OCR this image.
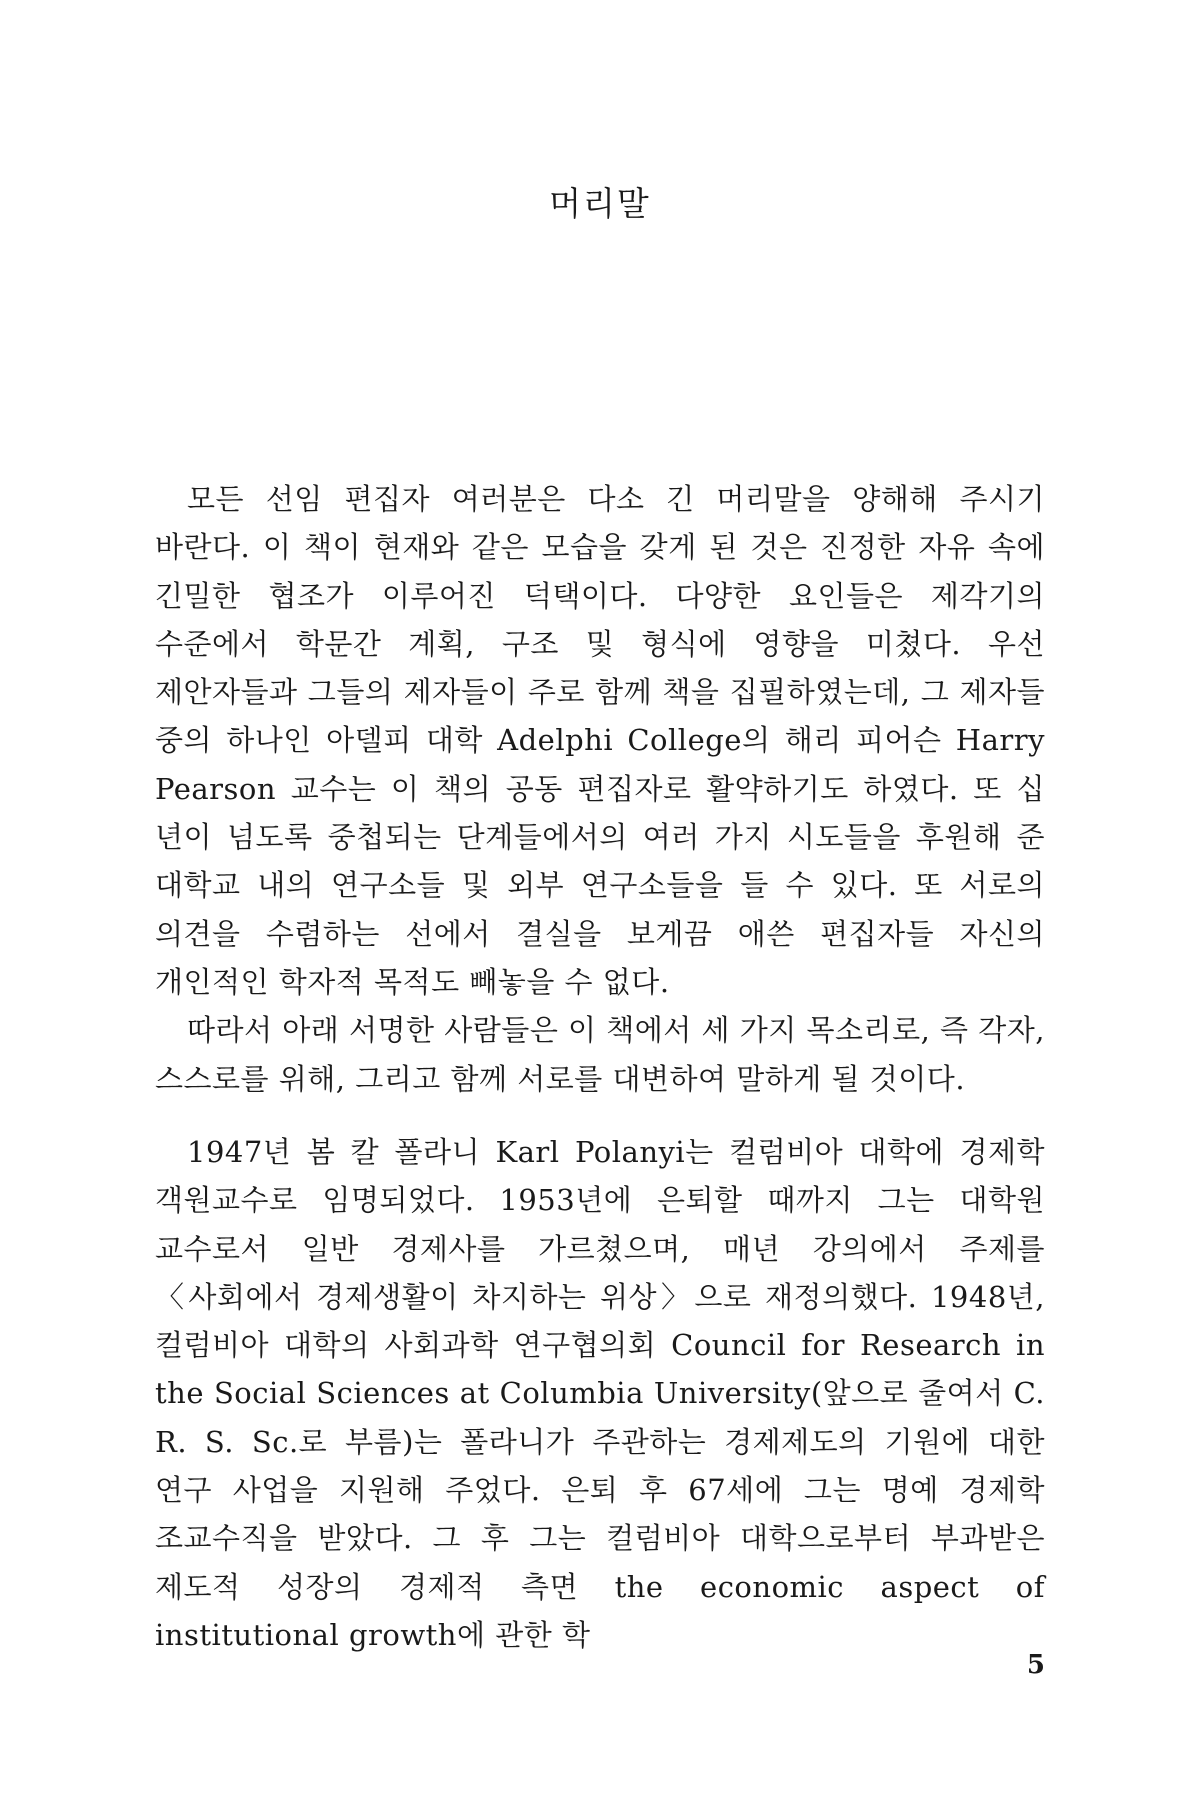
머리말

모든 선임 편집자 여러분은 다소 긴 머리말을 양해해 주시기 바란다. 이 책이 현재와 같은 모습을 갖게 된 것은 진정한 자유 속에 긴밀한 협조가 이루어진 덕택이다. 다양한 요인들은 제각기의 수준에서 학문간 계획, 구조 및 형식에 영향을 미쳤다. 우선 제안자들과 그들의 제자들이 주로 함께 책을 집필하였는데, 그 제자들 중의 하나인 아델피 대학 Adelphi College의 해리 피어슨 Harry Pearson 교수는 이 책의 공동 편집자로 활약하기도 하였다. 또 십 년이 넘도록 중첩되는 단계들에서의 여러 가지 시도들을 후원해 준 대학교 내의 연구소들 및 외부 연구소들을 들 수 있다. 또 서로의 의견을 수렴하는 선에서 결실을 보게끔 애쓴 편집자들 자신의 개인적인 학자적 목적도 빼놓을 수 없다.

따라서 아래 서명한 사람들은 이 책에서 세 가지 목소리로, 즉 각자, 스스로를 위해, 그리고 함께 서로를 대변하여 말하게 될 것이다.

1947년 봄 칼 폴라니 Karl Polanyi는 컬럼비아 대학에 경제학 객원교수로 임명되었다. 1953년에 은퇴할 때까지 그는 대학원 교수로서 일반 경제사를 가르쳤으며, 매년 강의에서 주제를 〈사회에서 경제생활이 차지하는 위상〉으로 재정의했다. 1948년, 컬럼비아 대학의 사회과학 연구협의회 Council for Research in the Social Sciences at Columbia University(앞으로 줄여서 C. R. S. Sc.로 부름)는 폴라니가 주관하는 경제제도의 기원에 대한 연구 사업을 지원해 주었다. 은퇴 후 67세에 그는 명예 경제학 조교수직을 받았다. 그 후 그는 컬럼비아 대학으로부터 부과받은 제도적 성장의 경제적 측면 the economic aspect of institutional growth에 관한 학

5
